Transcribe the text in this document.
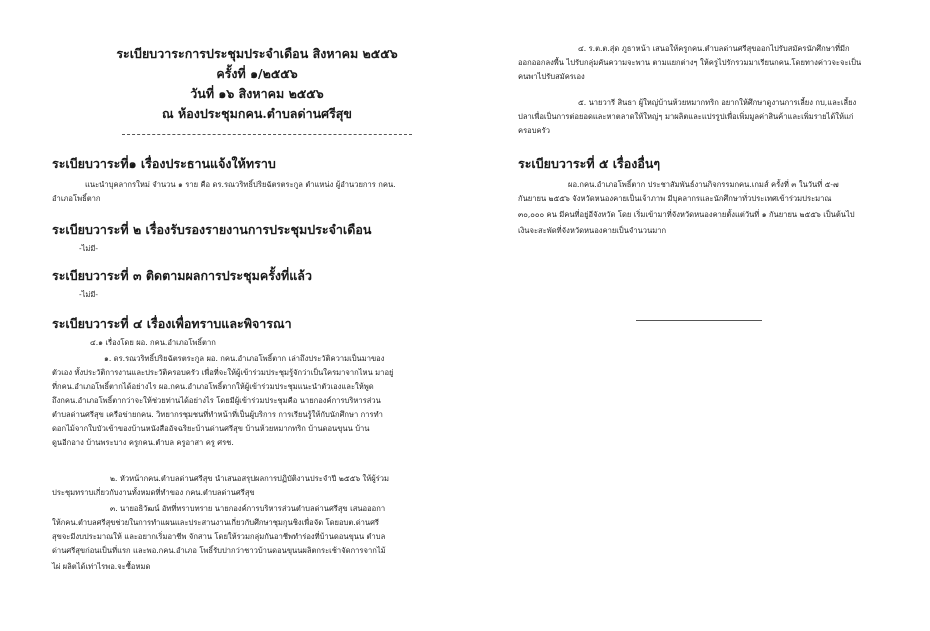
ระเบียบวาระการประชุมประจำเดือน สิงหาคม ๒๕๕๖
ครั้งที่ ๑/๒๕๕๖
วันที่ ๑๖ สิงหาคม ๒๕๕๖
ณ ห้องประชุมกคน.ตำบลด่านศรีสุข
ระเบียบวาระที่๑ เรื่องประธานแจ้งให้ทราบ
แนะนำบุคลากรใหม่ จำนวน ๑ ราย คือ ดร.รณวริทธิ์ปริยฉัตรตระกูล ตำแหน่ง ผู้อำนวยการ กคน.
อำเภอโพธิ์ตาก
ระเบียบวาระที่ ๒ เรื่องรับรองรายงานการประชุมประจำเดือน
-ไม่มี-
ระเบียบวาระที่ ๓ ติดตามผลการประชุมครั้งที่แล้ว
-ไม่มี-
ระเบียบวาระที่ ๔ เรื่องเพื่อทราบและพิจารณา
๔.๑ เรื่องโดย ผอ. กคน.อำเภอโพธิ์ตาก
๑. ดร.รณวริทธิ์ปริยฉัตรตระกูล ผอ. กคน.อำเภอโพธิ์ตาก เล่าถึงประวัติความเป็นมาของ
ตัวเอง ทั้งประวัติการงานและประวัติครอบครัว เพื่อที่จะให้ผู้เข้าร่วมประชุมรู้จักว่าเป็นใครมาจากไหน มาอยู่
ที่กคน.อำเภอโพธิ์ตากได้อย่างไร ผอ.กคน.อำเภอโพธิ์ตากให้ผู้เข้าร่วมประชุมแนะนำตัวเองและให้พูด
ถึงกคน.อำเภอโพธิ์ตากว่าจะให้ช่วยท่านได้อย่างไร โดยมีผู้เข้าร่วมประชุมคือ นายกองค์การบริหารส่วน
ตำบลด่านศรีสุข เครือข่ายกคน. วิทยากรชุมชนที่ทำหน้าที่เป็นผู้บริการ การเรียนรู้ให้กับนักศึกษา การทำ
ดอกไม้จากใบบัวเข้าของบ้านหนังสืออัจฉริยะบ้านด่านศรีสุข บ้านห้วยหมากทริก บ้านดอนขุนน บ้าน
ดูนอีกอาง บ้านพระบาง ครูกคน.ตำบล ครูอาสา ครู ศรช.
๒. หัวหน้ากคน.ตำบลด่านศรีสุข นำเสนอสรุปผลการปฏิบัติงานประจำปี ๒๕๕๖ ให้ผู้ร่วม
ประชุมทราบเกี่ยวกับงานทั้งหมดที่ทำของ กคน.ตำบลด่านศรีสุข
๓. นายอธิวัฒน์ อัทที่ทราบทราย นายกองค์การบริหารส่วนตำบลด่านศรีสุข เสนอออกา
ให้กคน.ตำบลศรีสุขช่วยในการทำแผนและประสานงานเกี่ยวกับศึกษาชุมกุนชิงเพื่อจัด โดยอบต.ด่านศรี
สุขจะมีงบประมาณให้ และอยากเริ่มอาชีพ จักสาน โดยให้รวมกลุ่มกันอาชีพทำร่องที่บ้านดอนขุนน ตำบล
ด่านศรีสุขก่อนเป็นที่แรก และพอ.กคน.อำเภอ โพธิ์รับปากว่าชาวบ้านดอนขุนนผลิตกระเช้าจัดการจากไม้
ไผ่ ผลิตได้เท่าไรพอ.จะซื้อหมด
๔. ร.ต.ต.สุ่ด ภูธาหน้า เสนอให้ครูกคน.ตำบลด่านศรีสุขออกไปรับสมัครนักศึกษาที่มีก
ออกออกลงพื้น ไปรับกลุ่มคันความจะพาน ตามแยกต่างๆ ให้ครูไปรักรวมมาเรียนกคน.โดยทางค่าวจะจะเป็น
คนพาไปรับสมัครเอง
๕. นายวารี สินธา ผู้ใหญ่บ้านห้วยหมากทริก อยากให้ศึกษาดูงานการเลี้ยง กบ,และเลี้ยง
ปลาเพื่อเป็นการต่อยอดและหาตลาดให้ใหญ่ๆ มาผลิตและแปรรูปเพื่อเพิ่มมูลค่าสินค้าและเพิ่มรายได้ให้แก่
ครอบครัว
ระเบียบวาระที่ ๕ เรื่องอื่นๆ
ผอ.กคน.อำเภอโพธิ์ตาก ประชาสัมพันธ์งานกิจกรรมกคน.เกมส์ ครั้งที่ ๓ ในวันที่ ๕-๗
กันยายน ๒๕๕๖ จังหวัดหนองคายเป็นเจ้าภาพ มีบุคลากรและนักศึกษาทั่วประเทศเข้าร่วมประมาณ
๓๐,๐๐๐ คน มีคนที่อยู่อีจังหวัด โดย เริ่มเข้ามาที่จังหวัดหนองคายตั้งแต่วันที่ ๑ กันยายน ๒๕๕๖ เป็นต้นไป
เงินจะสะพัดที่จังหวัดหนองคายเป็นจำนวนมาก
